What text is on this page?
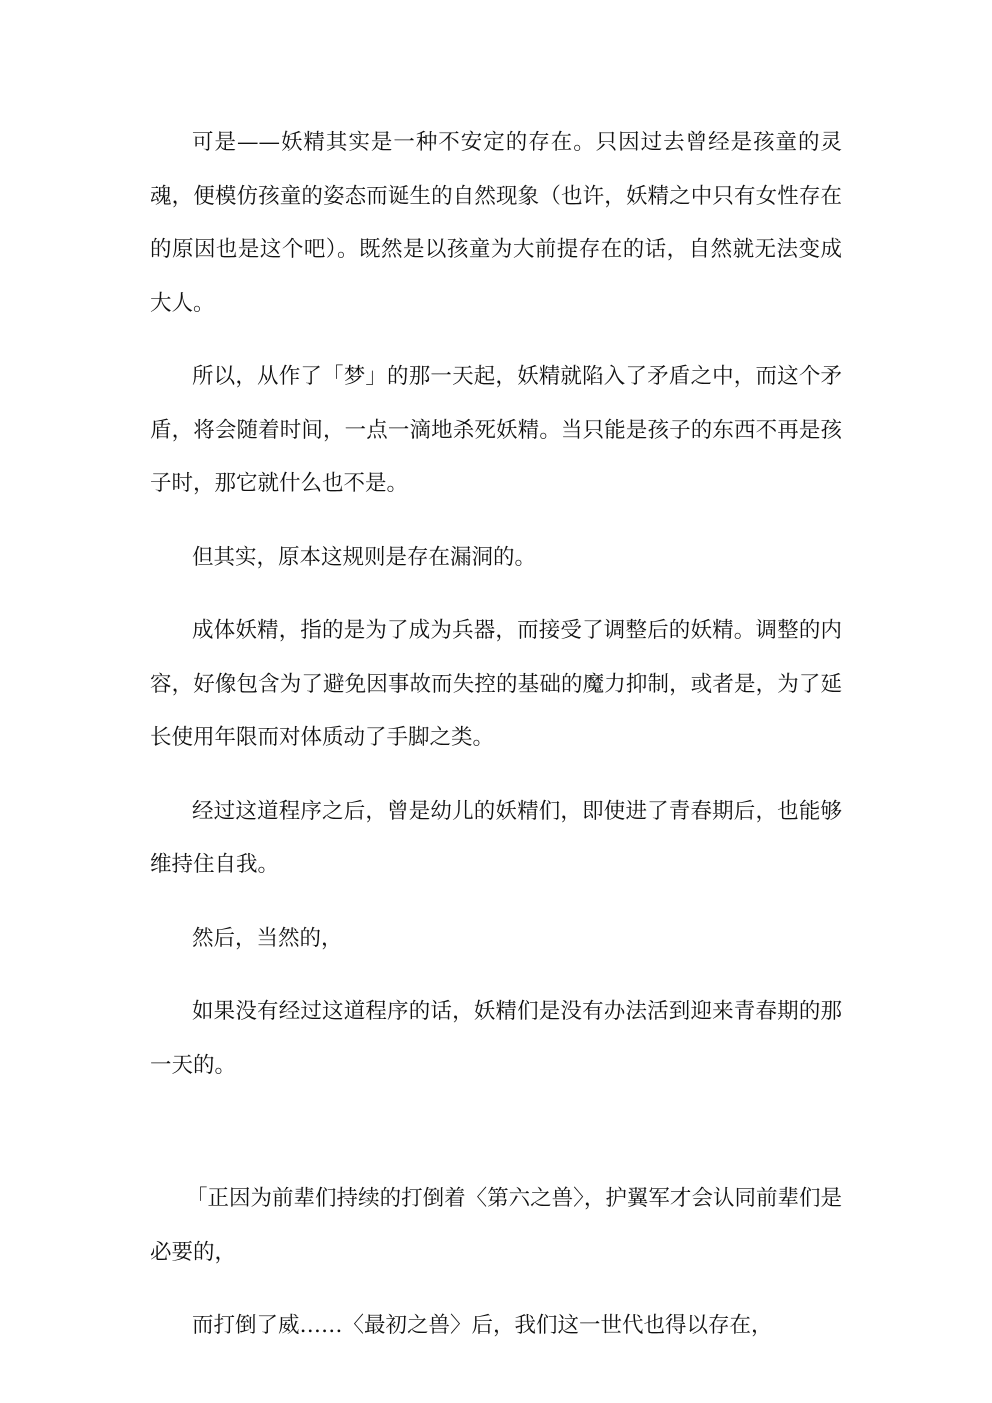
可是——妖精其实是一种不安定的存在。只因过去曾经是孩童的灵魂，便模仿孩童的姿态而诞生的自然现象（也许，妖精之中只有女性存在的原因也是这个吧）。既然是以孩童为大前提存在的话，自然就无法变成大人。

所以，从作了「梦」的那一天起，妖精就陷入了矛盾之中，而这个矛盾，将会随着时间，一点一滴地杀死妖精。当只能是孩子的东西不再是孩子时，那它就什么也不是。

但其实，原本这规则是存在漏洞的。

成体妖精，指的是为了成为兵器，而接受了调整后的妖精。调整的内容，好像包含为了避免因事故而失控的基础的魔力抑制，或者是，为了延长使用年限而对体质动了手脚之类。

经过这道程序之后，曾是幼儿的妖精们，即使进了青春期后，也能够维持住自我。

然后，当然的，

如果没有经过这道程序的话，妖精们是没有办法活到迎来青春期的那一天的。

「正因为前辈们持续的打倒着〈第六之兽〉，护翼军才会认同前辈们是必要的，

而打倒了威……〈最初之兽〉后，我们这一世代也得以存在，
